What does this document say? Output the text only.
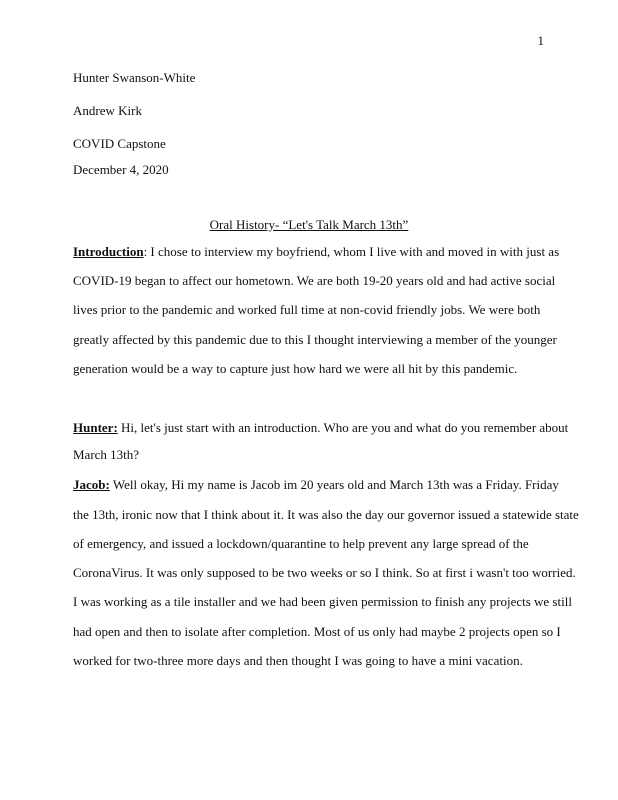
1
Hunter Swanson-White
Andrew Kirk
COVID Capstone
December 4, 2020
Oral History- “Let's Talk March 13th”
Introduction: I chose to interview my boyfriend, whom I live with and moved in with just as
COVID-19 began to affect our hometown. We are both 19-20 years old and had active social
lives prior to the pandemic and worked full time at non-covid friendly jobs. We were both
greatly affected by this pandemic due to this I thought interviewing a member of the younger
generation would be a way to capture just how hard we were all hit by this pandemic.
Hunter: Hi, let's just start with an introduction. Who are you and what do you remember about
March 13th?
Jacob: Well okay, Hi my name is Jacob im 20 years old and March 13th was a Friday. Friday
the 13th, ironic now that I think about it. It was also the day our governor issued a statewide state
of emergency, and issued a lockdown/quarantine to help prevent any large spread of the
CoronaVirus. It was only supposed to be two weeks or so I think. So at first i wasn't too worried.
I was working as a tile installer and we had been given permission to finish any projects we still
had open and then to isolate after completion. Most of us only had maybe 2 projects open so I
worked for two-three more days and then thought I was going to have a mini vacation.
